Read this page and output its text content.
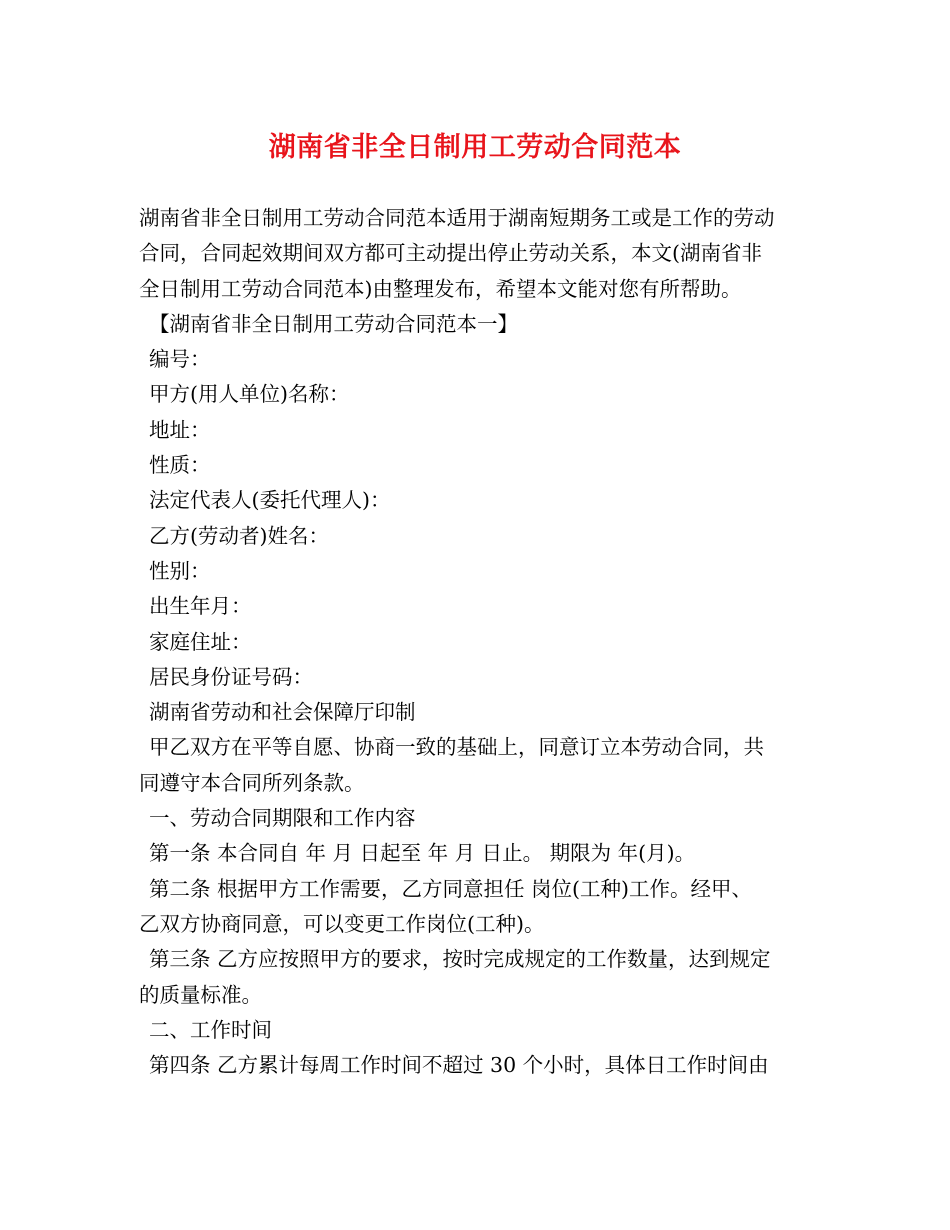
湖南省非全日制用工劳动合同范本
湖南省非全日制用工劳动合同范本适用于湖南短期务工或是工作的劳动
合同，合同起效期间双方都可主动提出停止劳动关系，本文(湖南省非
全日制用工劳动合同范本)由整理发布，希望本文能对您有所帮助。
【湖南省非全日制用工劳动合同范本一】
编号：
甲方(用人单位)名称：
地址：
性质：
法定代表人(委托代理人)：
乙方(劳动者)姓名：
性别：
出生年月：
家庭住址：
居民身份证号码：
湖南省劳动和社会保障厅印制
甲乙双方在平等自愿、协商一致的基础上，同意订立本劳动合同，共
同遵守本合同所列条款。
一、劳动合同期限和工作内容
第一条 本合同自 年 月 日起至 年 月 日止。 期限为 年(月)。
第二条 根据甲方工作需要，乙方同意担任 岗位(工种)工作。经甲、
乙双方协商同意，可以变更工作岗位(工种)。
第三条 乙方应按照甲方的要求，按时完成规定的工作数量，达到规定
的质量标准。
二、工作时间
第四条 乙方累计每周工作时间不超过 30 个小时，具体日工作时间由
